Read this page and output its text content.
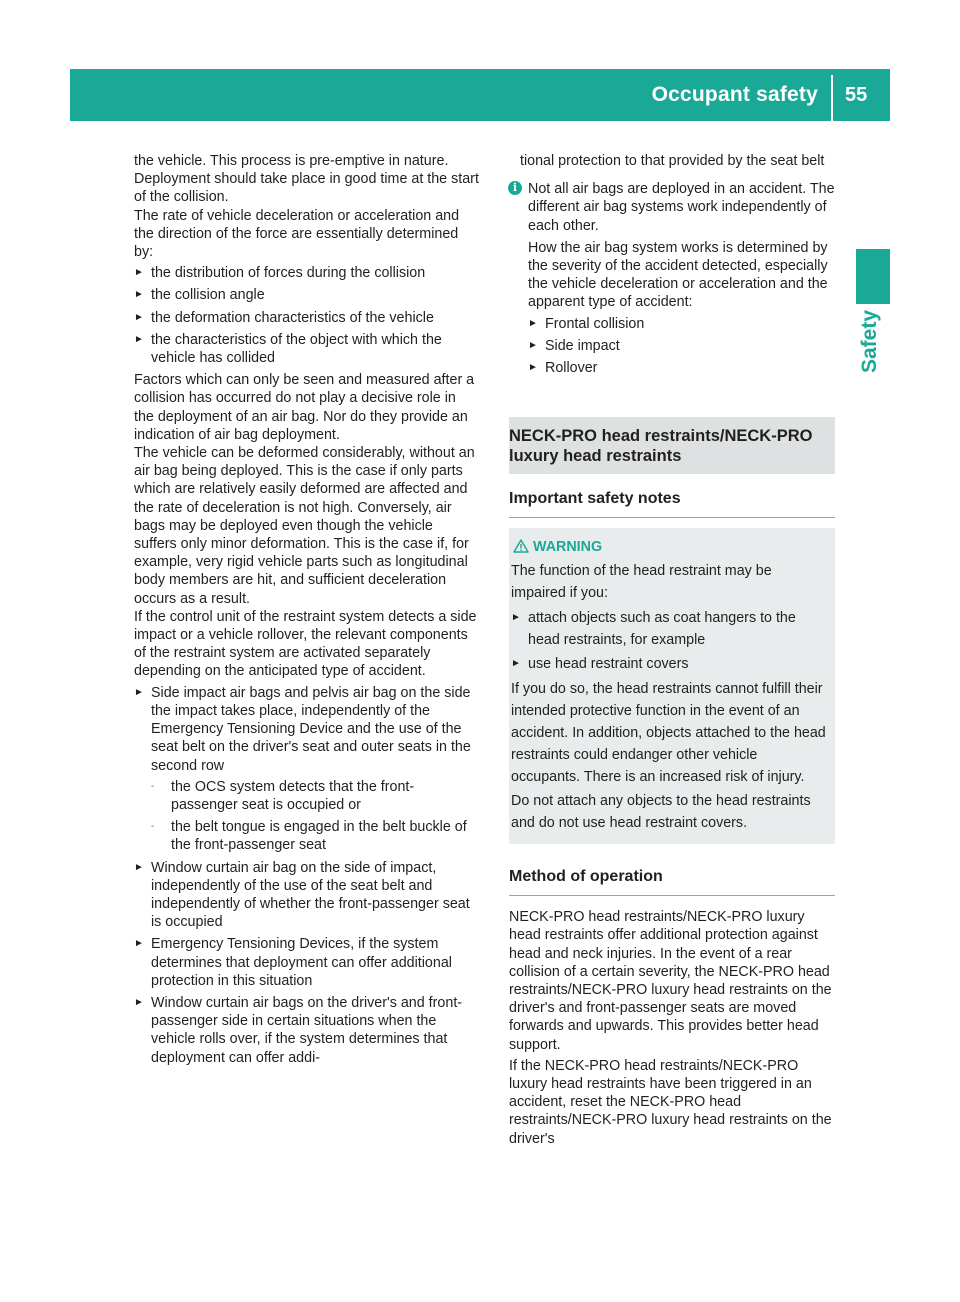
Occupant safety 55
Safety

the vehicle. This process is pre-emptive in nature. Deployment should take place in good time at the start of the collision.

The rate of vehicle deceleration or acceleration and the direction of the force are essentially determined by:

► the distribution of forces during the collision
► the collision angle
► the deformation characteristics of the vehicle
► the characteristics of the object with which the vehicle has collided

Factors which can only be seen and measured after a collision has occurred do not play a decisive role in the deployment of an air bag. Nor do they provide an indication of air bag deployment.

The vehicle can be deformed considerably, without an air bag being deployed. This is the case if only parts which are relatively easily deformed are affected and the rate of deceleration is not high. Conversely, air bags may be deployed even though the vehicle suffers only minor deformation. This is the case if, for example, very rigid vehicle parts such as longitudinal body members are hit, and sufficient deceleration occurs as a result.

If the control unit of the restraint system detects a side impact or a vehicle rollover, the relevant components of the restraint system are activated separately depending on the anticipated type of accident.

► Side impact air bags and pelvis air bag on the side the impact takes place, independently of the Emergency Tensioning Device and the use of the seat belt on the driver's seat and outer seats in the second row
- the OCS system detects that the front-passenger seat is occupied or
- the belt tongue is engaged in the belt buckle of the front-passenger seat
► Window curtain air bag on the side of impact, independently of the use of the seat belt and independently of whether the front-passenger seat is occupied
► Emergency Tensioning Devices, if the system determines that deployment can offer additional protection in this situation
► Window curtain air bags on the driver's and front-passenger side in certain situations when the vehicle rolls over, if the system determines that deployment can offer addi-

tional protection to that provided by the seat belt

i Not all air bags are deployed in an accident. The different air bag systems work independently of each other.

How the air bag system works is determined by the severity of the accident detected, especially the vehicle deceleration or acceleration and the apparent type of accident:

► Frontal collision
► Side impact
► Rollover
NECK-PRO head restraints/NECK-PRO luxury head restraints
Important safety notes
WARNING

The function of the head restraint may be impaired if you:

► attach objects such as coat hangers to the head restraints, for example
► use head restraint covers

If you do so, the head restraints cannot fulfill their intended protective function in the event of an accident. In addition, objects attached to the head restraints could endanger other vehicle occupants. There is an increased risk of injury.

Do not attach any objects to the head restraints and do not use head restraint covers.

Method of operation

NECK-PRO head restraints/NECK-PRO luxury head restraints offer additional protection against head and neck injuries. In the event of a rear collision of a certain severity, the NECK-PRO head restraints/NECK-PRO luxury head restraints on the driver's and front-passenger seats are moved forwards and upwards. This provides better head support.

If the NECK-PRO head restraints/NECK-PRO luxury head restraints have been triggered in an accident, reset the NECK-PRO head restraints/NECK-PRO luxury head restraints on the driver's
